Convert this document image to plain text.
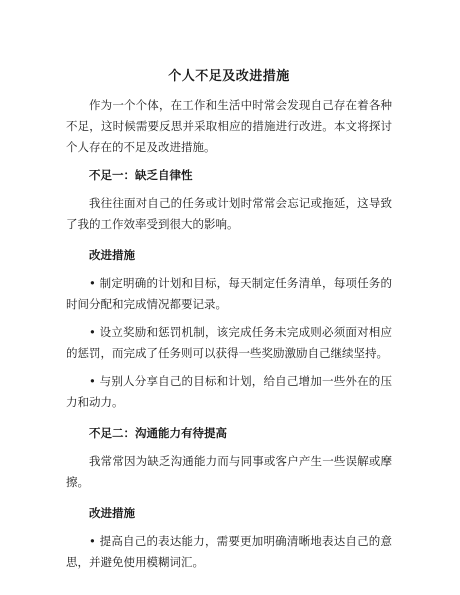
个人不足及改进措施

作为一个个体，在工作和生活中时常会发现自己存在着各种不足，这时候需要反思并采取相应的措施进行改进。本文将探讨个人存在的不足及改进措施。

不足一：缺乏自律性

我往往面对自己的任务或计划时常常会忘记或拖延，这导致了我的工作效率受到很大的影响。

改进措施

• 制定明确的计划和目标，每天制定任务清单，每项任务的时间分配和完成情况都要记录。

• 设立奖励和惩罚机制，该完成任务未完成则必须面对相应的惩罚，而完成了任务则可以获得一些奖励激励自己继续坚持。

• 与别人分享自己的目标和计划，给自己增加一些外在的压力和动力。

不足二：沟通能力有待提高

我常常因为缺乏沟通能力而与同事或客户产生一些误解或摩擦。

改进措施

• 提高自己的表达能力，需要更加明确清晰地表达自己的意思，并避免使用模糊词汇。
